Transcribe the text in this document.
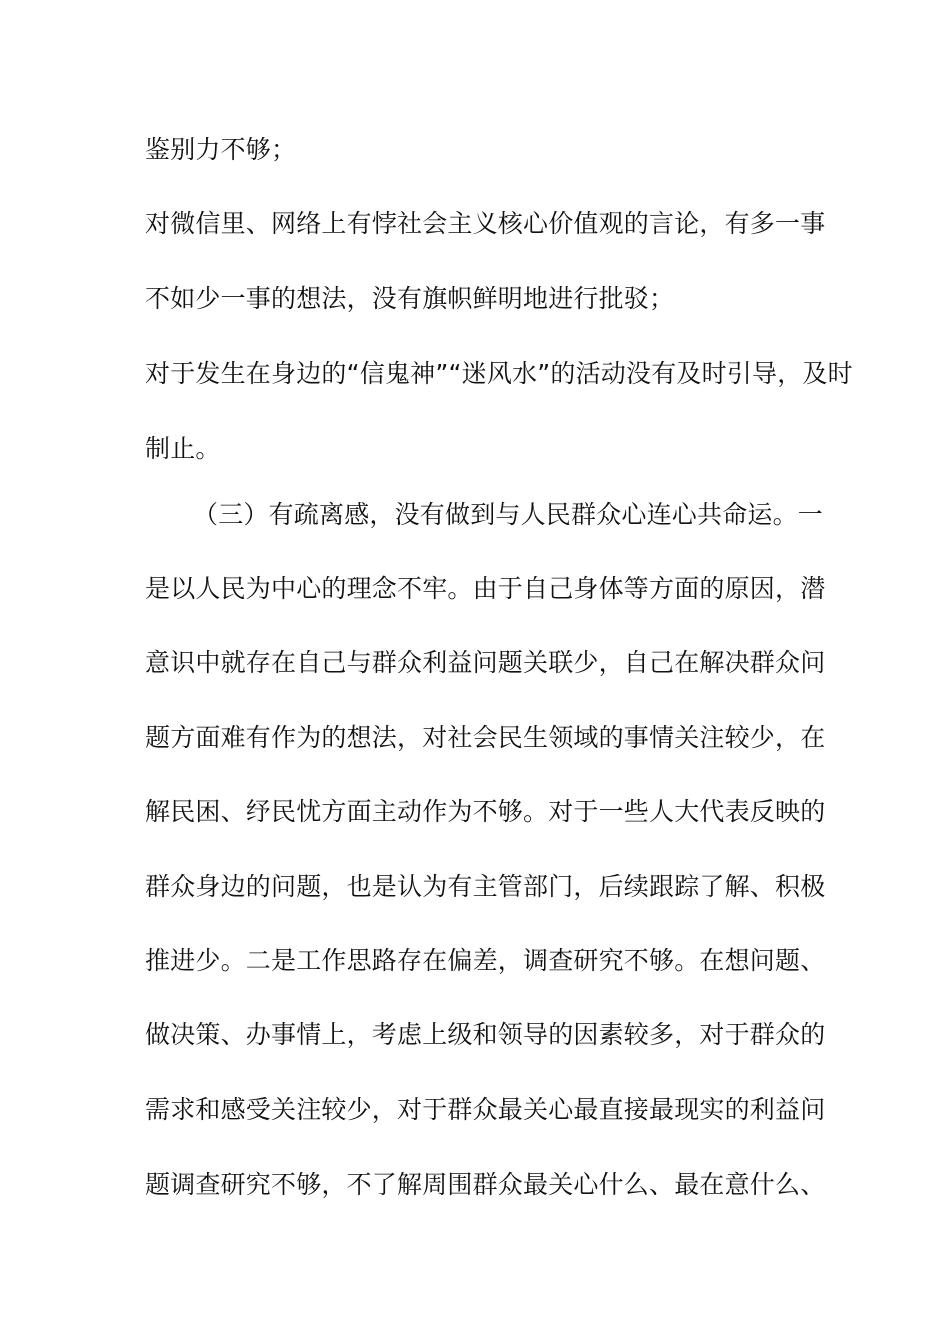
鉴别力不够；
对微信里、网络上有悖社会主义核心价值观的言论，有多一事
不如少一事的想法，没有旗帜鲜明地进行批驳；
对于发生在身边的“信鬼神”“迷风水”的活动没有及时引导，及时
制止。
（三）有疏离感，没有做到与人民群众心连心共命运。一
是以人民为中心的理念不牢。由于自己身体等方面的原因，潜
意识中就存在自己与群众利益问题关联少，自己在解决群众问
题方面难有作为的想法，对社会民生领域的事情关注较少，在
解民困、纾民忧方面主动作为不够。对于一些人大代表反映的
群众身边的问题，也是认为有主管部门，后续跟踪了解、积极
推进少。二是工作思路存在偏差，调查研究不够。在想问题、
做决策、办事情上，考虑上级和领导的因素较多，对于群众的
需求和感受关注较少，对于群众最关心最直接最现实的利益问
题调查研究不够，不了解周围群众最关心什么、最在意什么、
